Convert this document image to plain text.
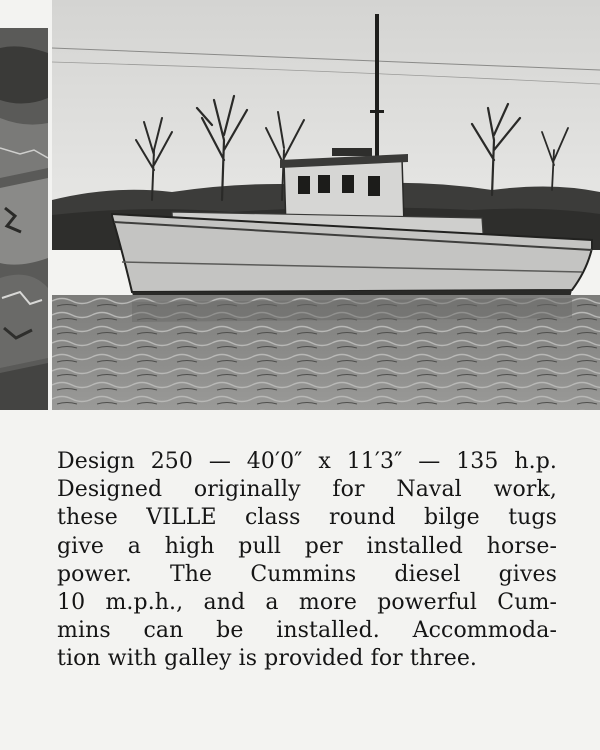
Design 250 — 40′0″ x 11′3″ — 135 h.p.
Designed originally for Naval work,
these VILLE class round bilge tugs
give a high pull per installed horse-
power. The Cummins diesel gives
10 m.p.h., and a more powerful Cum-
mins can be installed. Accommoda-
tion with galley is provided for three.
